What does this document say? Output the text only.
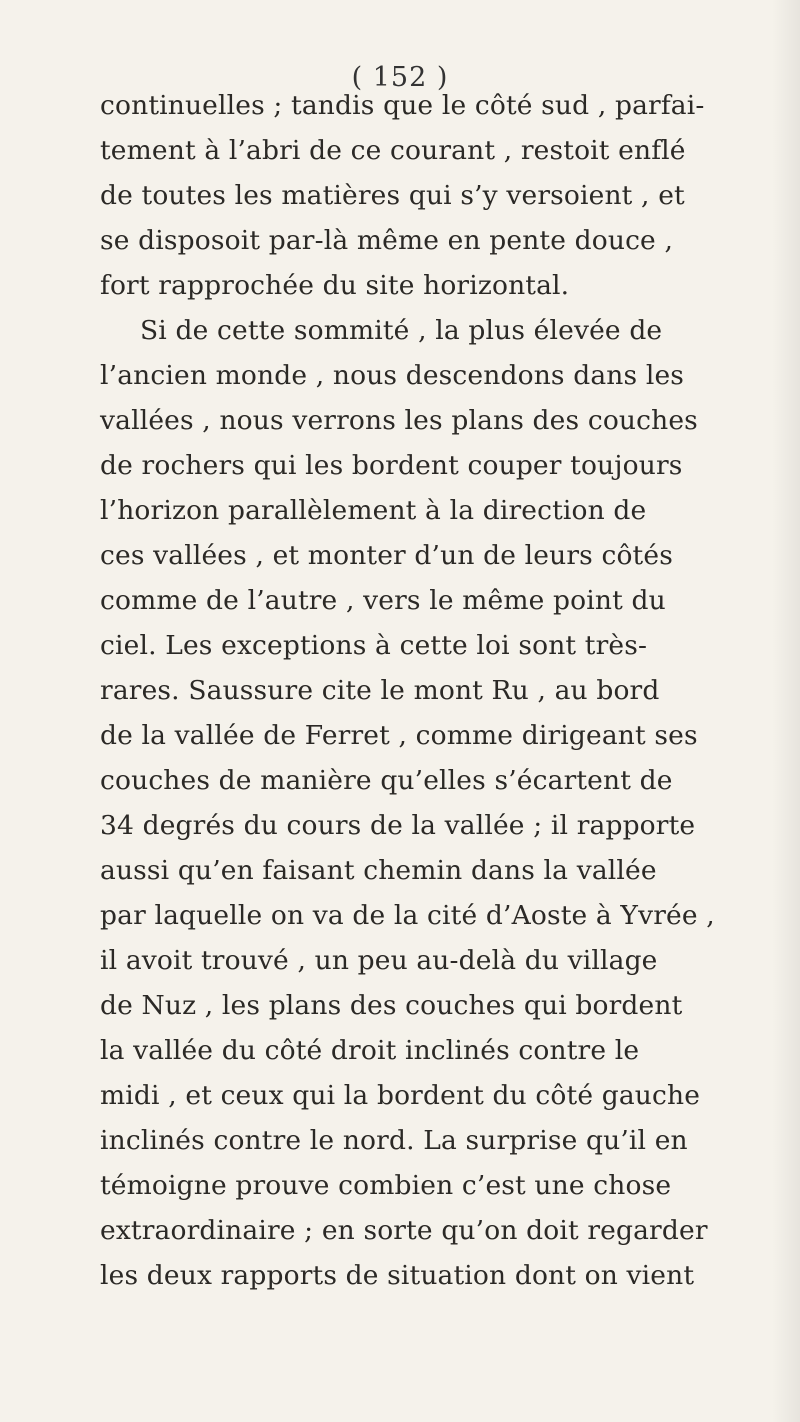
( 152 )
continuelles ; tandis que le côté sud , parfai-
tement à l’abri de ce courant , restoit enflé
de toutes les matières qui s’y versoient , et
se disposoit par-là même en pente douce ,
fort rapprochée du site horizontal.
Si de cette sommité , la plus élevée de
l’ancien monde , nous descendons dans les
vallées , nous verrons les plans des couches
de rochers qui les bordent couper toujours
l’horizon parallèlement à la direction de
ces vallées , et monter d’un de leurs côtés
comme de l’autre , vers le même point du
ciel. Les exceptions à cette loi sont très-
rares. Saussure cite le mont Ru , au bord
de la vallée de Ferret , comme dirigeant ses
couches de manière qu’elles s’écartent de
34 degrés du cours de la vallée ; il rapporte
aussi qu’en faisant chemin dans la vallée
par laquelle on va de la cité d’Aoste à Yvrée ,
il avoit trouvé , un peu au-delà du village
de Nuz , les plans des couches qui bordent
la vallée du côté droit inclinés contre le
midi , et ceux qui la bordent du côté gauche
inclinés contre le nord. La surprise qu’il en
témoigne prouve combien c’est une chose
extraordinaire ; en sorte qu’on doit regarder
les deux rapports de situation dont on vient
